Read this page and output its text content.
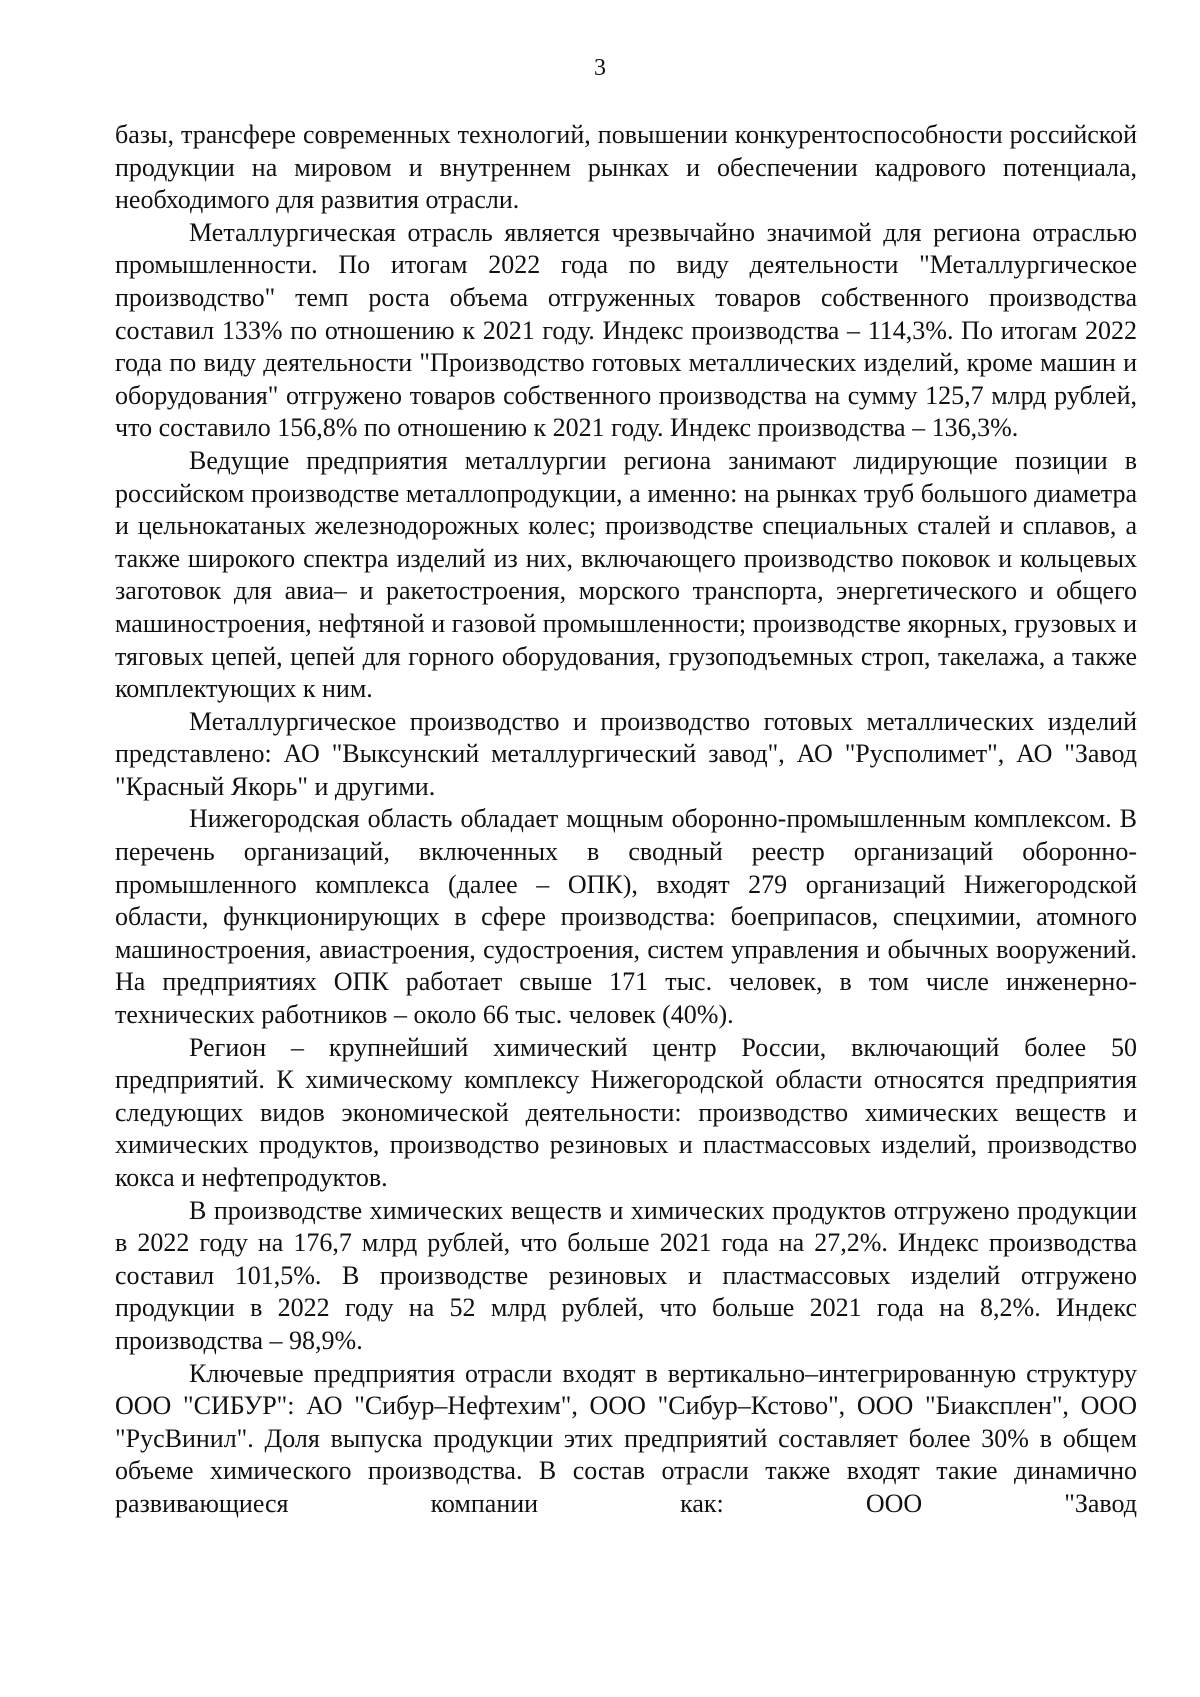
3

базы, трансфере современных технологий, повышении конкурентоспособности российской продукции на мировом и внутреннем рынках и обеспечении кадрового потенциала, необходимого для развития отрасли.

Металлургическая отрасль является чрезвычайно значимой для региона отраслью промышленности. По итогам 2022 года по виду деятельности "Металлургическое производство" темп роста объема отгруженных товаров собственного производства составил 133% по отношению к 2021 году. Индекс производства – 114,3%. По итогам 2022 года по виду деятельности "Производство готовых металлических изделий, кроме машин и оборудования" отгружено товаров собственного производства на сумму 125,7 млрд рублей, что составило 156,8% по отношению к 2021 году. Индекс производства – 136,3%.

Ведущие предприятия металлургии региона занимают лидирующие позиции в российском производстве металлопродукции, а именно: на рынках труб большого диаметра и цельнокатаных железнодорожных колес; производстве специальных сталей и сплавов, а также широкого спектра изделий из них, включающего производство поковок и кольцевых заготовок для авиа– и ракетостроения, морского транспорта, энергетического и общего машиностроения, нефтяной и газовой промышленности; производстве якорных, грузовых и тяговых цепей, цепей для горного оборудования, грузоподъемных строп, такелажа, а также комплектующих к ним.

Металлургическое производство и производство готовых металлических изделий представлено: АО "Выксунский металлургический завод", АО "Русполимет", АО "Завод "Красный Якорь" и другими.

Нижегородская область обладает мощным оборонно-промышленным комплексом. В перечень организаций, включенных в сводный реестр организаций оборонно-промышленного комплекса (далее – ОПК), входят 279 организаций Нижегородской области, функционирующих в сфере производства: боеприпасов, спецхимии, атомного машиностроения, авиастроения, судостроения, систем управления и обычных вооружений. На предприятиях ОПК работает свыше 171 тыс. человек, в том числе инженерно-технических работников – около 66 тыс. человек (40%).

Регион – крупнейший химический центр России, включающий более 50 предприятий. К химическому комплексу Нижегородской области относятся предприятия следующих видов экономической деятельности: производство химических веществ и химических продуктов, производство резиновых и пластмассовых изделий, производство кокса и нефтепродуктов.

В производстве химических веществ и химических продуктов отгружено продукции в 2022 году на 176,7 млрд рублей, что больше 2021 года на 27,2%. Индекс производства составил 101,5%. В производстве резиновых и пластмассовых изделий отгружено продукции в 2022 году на 52 млрд рублей, что больше 2021 года на 8,2%. Индекс производства – 98,9%.

Ключевые предприятия отрасли входят в вертикально–интегрированную структуру ООО "СИБУР": АО "Сибур–Нефтехим", ООО "Сибур–Кстово", ООО "Биаксплен", ООО "РусВинил". Доля выпуска продукции этих предприятий составляет более 30% в общем объеме химического производства. В состав отрасли также входят такие динамично развивающиеся компании как: ООО "Завод
